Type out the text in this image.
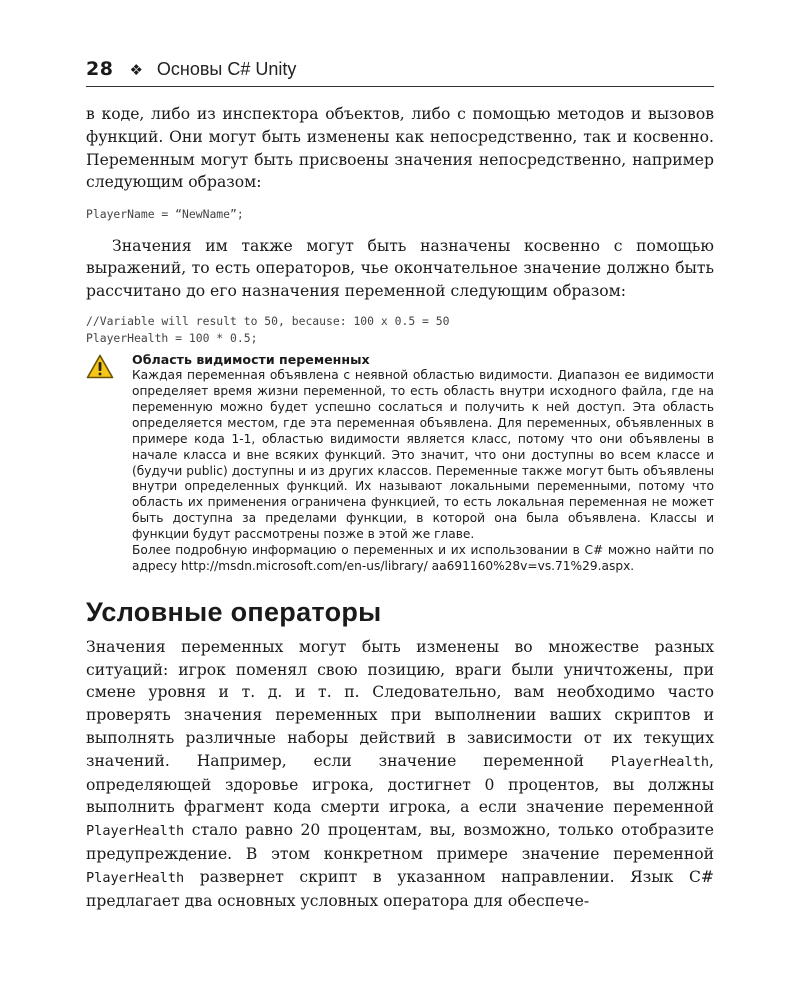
28 ❖ Основы C# Unity

в коде, либо из инспектора объектов, либо с помощью методов и вызовов функций. Они могут быть изменены как непосредственно, так и косвенно. Переменным могут быть присвоены значения непосредственно, например следующим образом:

PlayerName = “NewName”;

Значения им также могут быть назначены косвенно с помощью выражений, то есть операторов, чье окончательное значение должно быть рассчитано до его назначения переменной следующим образом:

//Variable will result to 50, because: 100 x 0.5 = 50
PlayerHealth = 100 * 0.5;
Область видимости переменных

Каждая переменная объявлена с неявной областью видимости. Диапазон ее видимости определяет время жизни переменной, то есть область внутри исходного файла, где на переменную можно будет успешно сослаться и получить к ней доступ. Эта область определяется местом, где эта переменная объявлена. Для переменных, объявленных в примере кода 1-1, областью видимости является класс, потому что они объявлены в начале класса и вне всяких функций. Это значит, что они доступны во всем классе и (будучи public) доступны и из других классов. Переменные также могут быть объявлены внутри определенных функций. Их называют локальными переменными, потому что область их применения ограничена функцией, то есть локальная переменная не может быть доступна за пределами функции, в которой она была объявлена. Классы и функции будут рассмотрены позже в этой же главе.

Более подробную информацию о переменных и их использовании в C# можно найти по адресу http://msdn.microsoft.com/en-us/library/ aa691160%28v=vs.71%29.aspx.

Условные операторы

Значения переменных могут быть изменены во множестве разных ситуаций: игрок поменял свою позицию, враги были уничтожены, при смене уровня и т. д. и т. п. Следовательно, вам необходимо часто проверять значения переменных при выполнении ваших скриптов и выполнять различные наборы действий в зависимости от их текущих значений. Например, если значение переменной PlayerHealth, определяющей здоровье игрока, достигнет 0 процентов, вы должны выполнить фрагмент кода смерти игрока, а если значение переменной PlayerHealth стало равно 20 процентам, вы, возможно, только отобразите предупреждение. В этом конкретном примере значение переменной PlayerHealth развернет скрипт в указанном направлении. Язык C# предлагает два основных условных оператора для обеспече-
